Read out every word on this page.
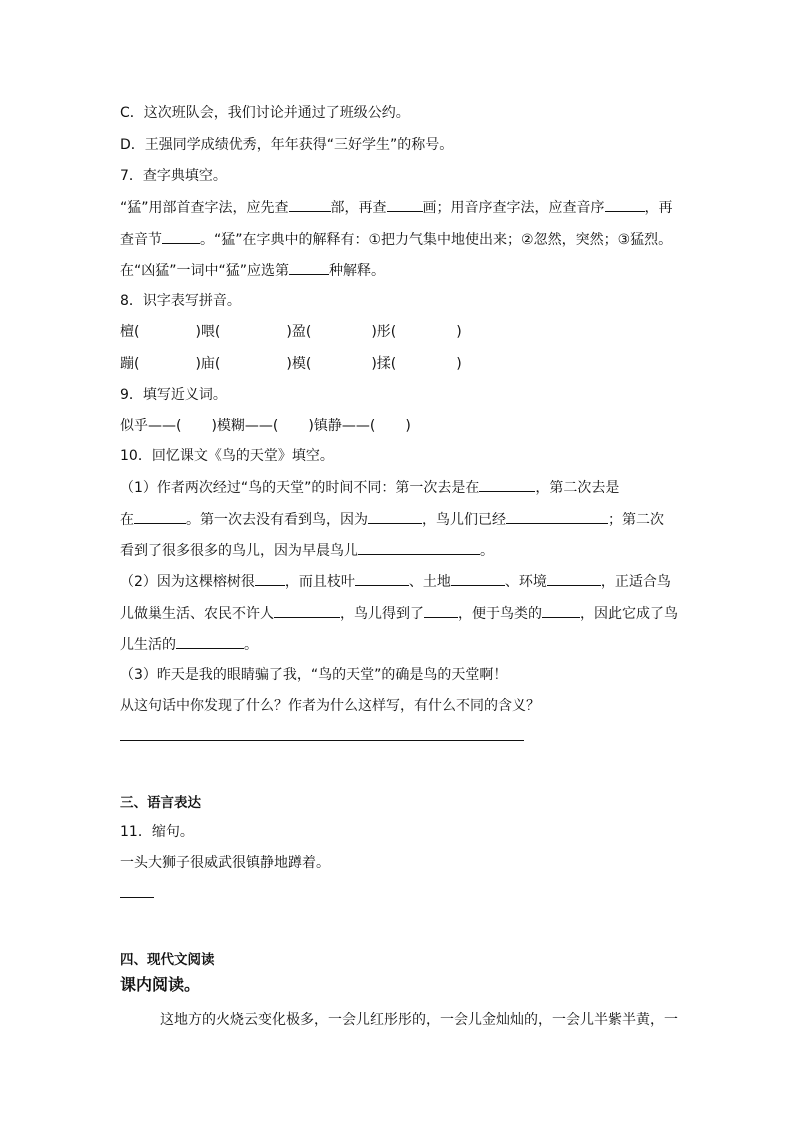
C．这次班队会，我们讨论并通过了班级公约。
D．王强同学成绩优秀，年年获得“三好学生”的称号。
7．查字典填空。
“猛”用部首查字法，应先查	部，再查	画；用音序查字法，应查音序	，再
查音节	。“猛”在字典中的解释有：①把力气集中地使出来；②忽然，突然；③猛烈。
在“凶猛”一词中“猛”应选第	种解释。
8．识字表写拼音。
檀(	)喂(	)盈(	)彤(	)
蹦(	)庙(	)模(	)揉(	)
9．填写近义词。
似乎——( )模糊——( )镇静——( )
10．回忆课文《鸟的天堂》填空。
（1）作者两次经过“鸟的天堂”的时间不同：第一次去是在	，第二次去是
在	。第一次去没有看到鸟，因为	，鸟儿们已经	；第二次
看到了很多很多的鸟儿，因为早晨鸟儿	。
（2）因为这棵榕树很 ，而且枝叶	、土地	、环境	，正适合鸟
儿做巢生活、农民不许人	，鸟儿得到了 ，便于鸟类的	，因此它成了鸟
儿生活的	。
（3）昨天是我的眼睛骗了我，“鸟的天堂”的确是鸟的天堂啊！
从这句话中你发现了什么？作者为什么这样写，有什么不同的含义？
三、语言表达
11．缩句。
一头大狮子很威武很镇静地蹲着。
四、现代文阅读
课内阅读。
这地方的火烧云变化极多，一会儿红彤彤的，一会儿金灿灿的，一会儿半紫半黄，一
